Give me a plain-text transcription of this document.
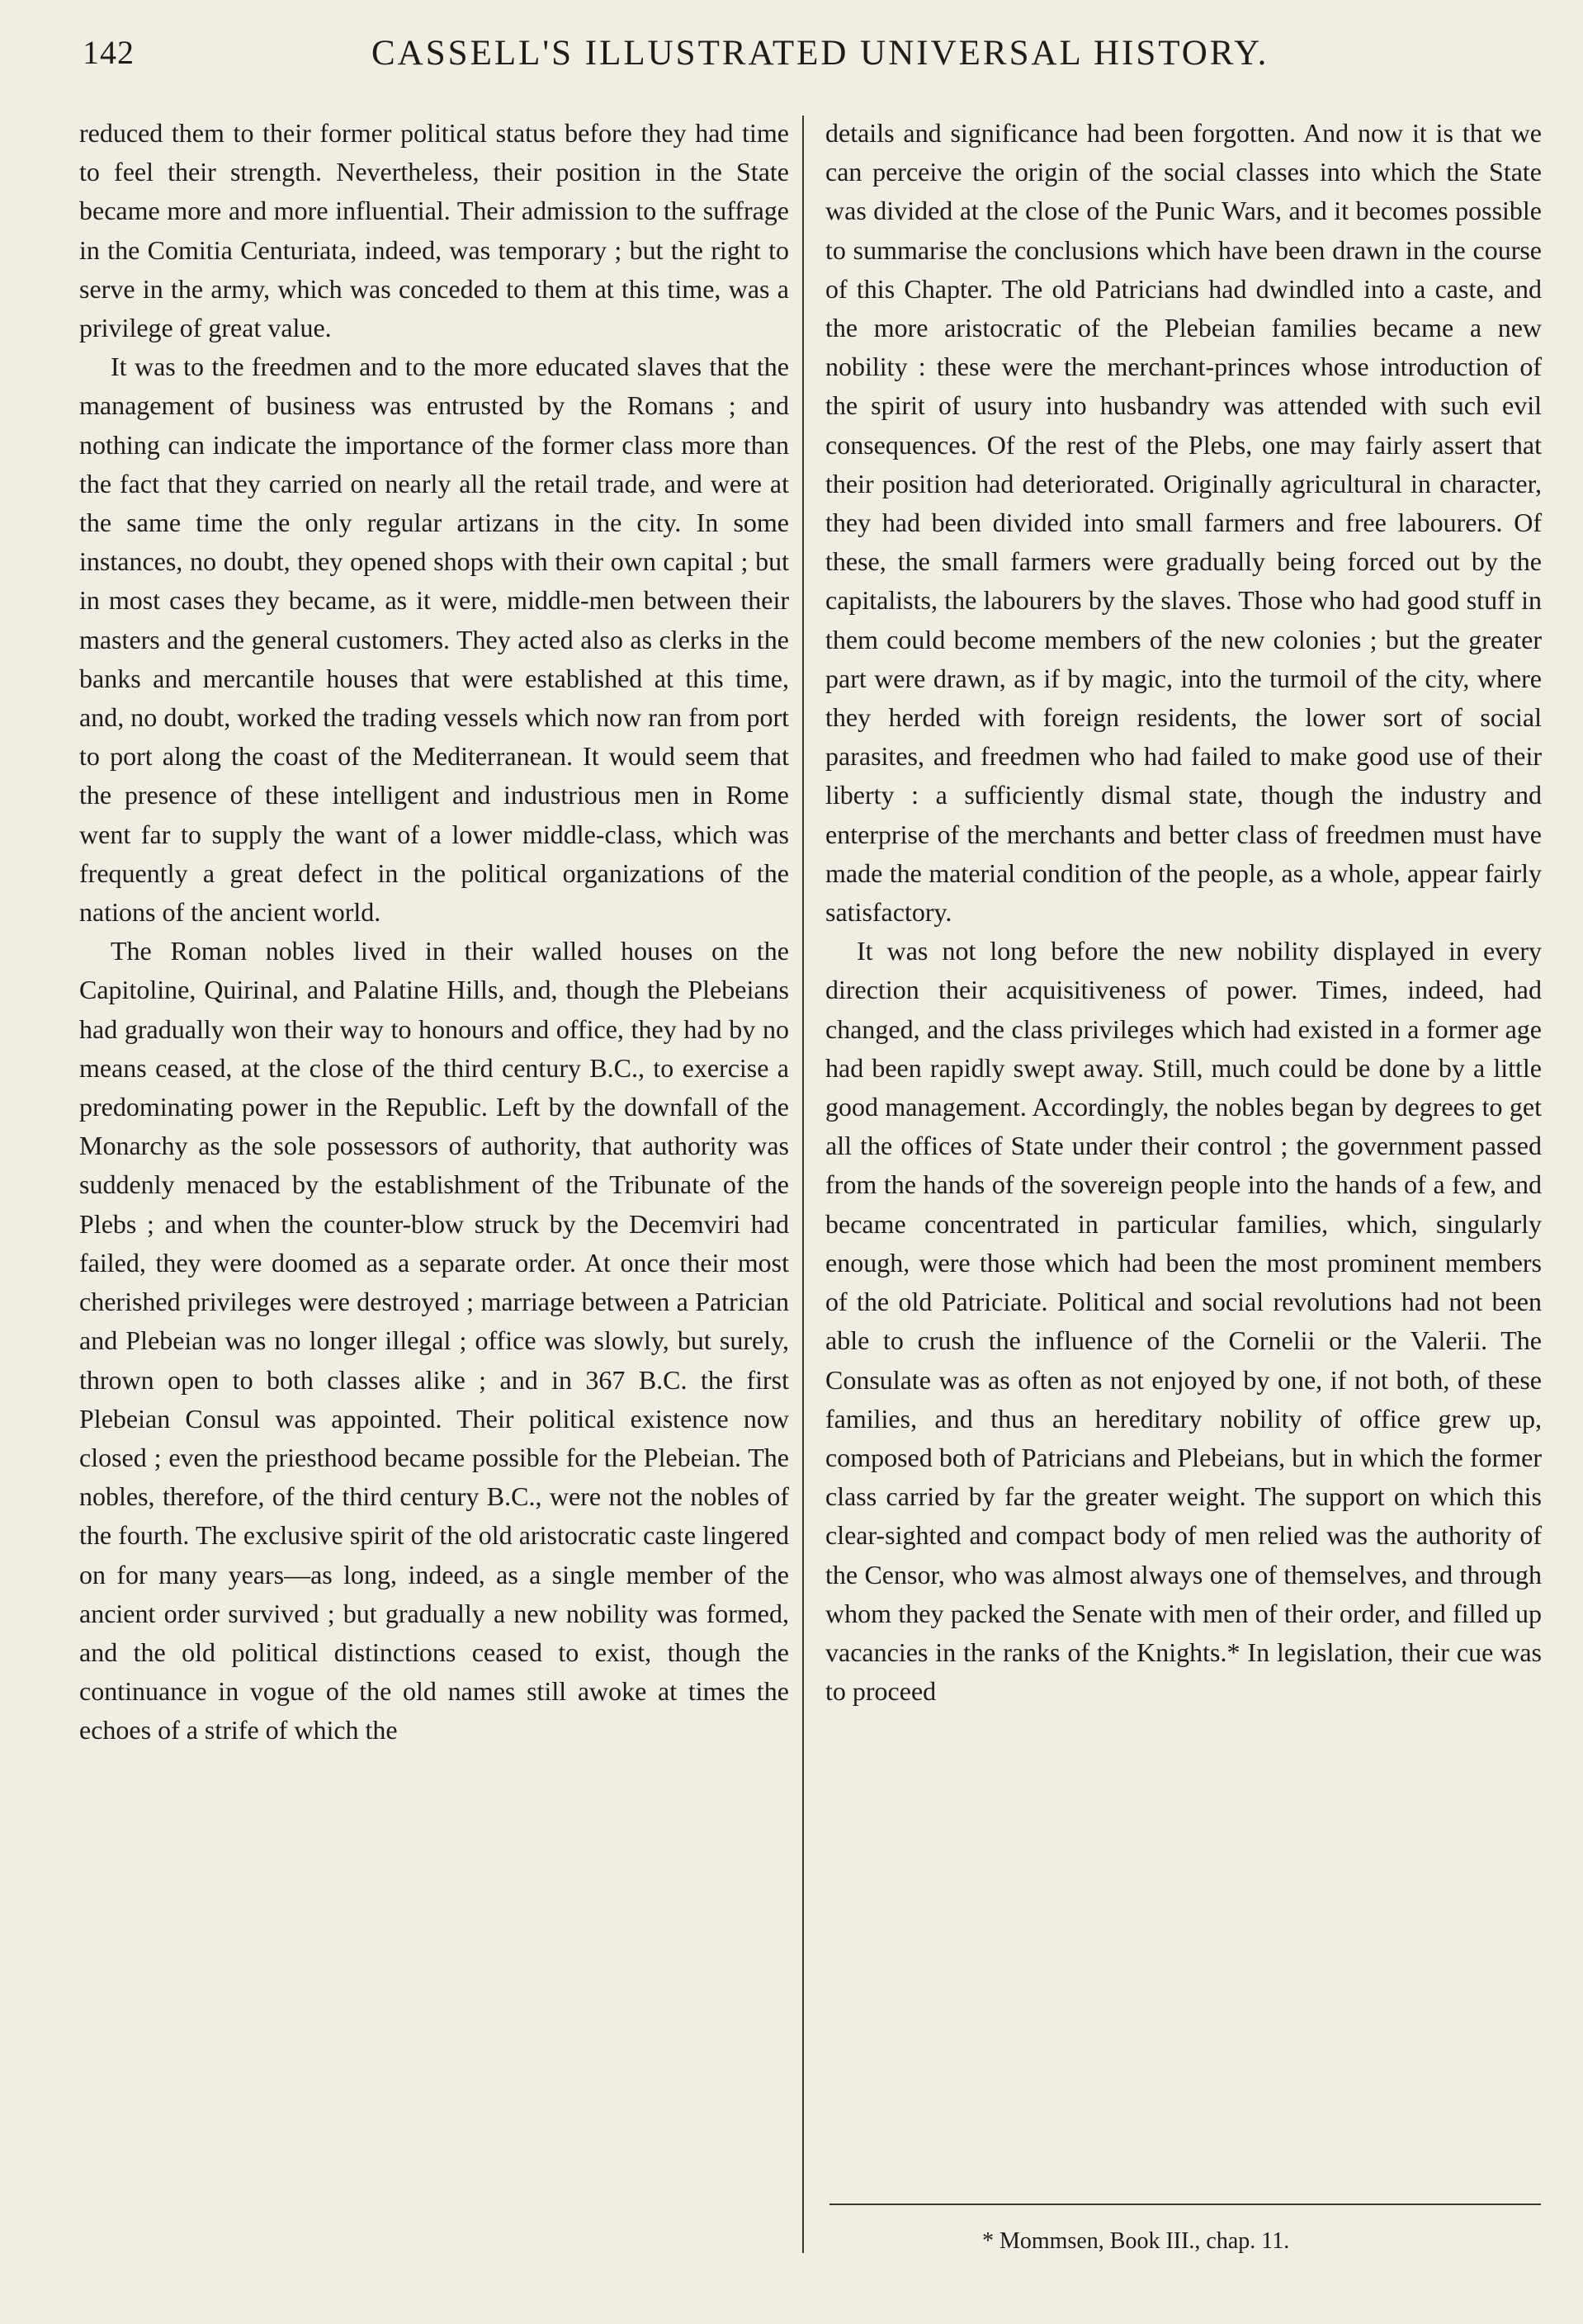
142	CASSELL'S ILLUSTRATED UNIVERSAL HISTORY.

reduced them to their former political status before they had time to feel their strength. Nevertheless, their position in the State became more and more influential. Their admission to the suffrage in the Comitia Centuriata, indeed, was temporary ; but the right to serve in the army, which was conceded to them at this time, was a privilege of great value.

It was to the freedmen and to the more educated slaves that the management of business was entrusted by the Romans ; and nothing can indicate the importance of the former class more than the fact that they carried on nearly all the retail trade, and were at the same time the only regular artizans in the city. In some instances, no doubt, they opened shops with their own capital ; but in most cases they became, as it were, middle-men between their masters and the general customers. They acted also as clerks in the banks and mercantile houses that were established at this time, and, no doubt, worked the trading vessels which now ran from port to port along the coast of the Mediterranean. It would seem that the presence of these intelligent and industrious men in Rome went far to supply the want of a lower middle-class, which was frequently a great defect in the political organizations of the nations of the ancient world.

The Roman nobles lived in their walled houses on the Capitoline, Quirinal, and Palatine Hills, and, though the Plebeians had gradually won their way to honours and office, they had by no means ceased, at the close of the third century B.C., to exercise a predominating power in the Republic. Left by the downfall of the Monarchy as the sole possessors of authority, that authority was suddenly menaced by the establishment of the Tribunate of the Plebs ; and when the counter-blow struck by the Decemviri had failed, they were doomed as a separate order. At once their most cherished privileges were destroyed ; marriage between a Patrician and Plebeian was no longer illegal ; office was slowly, but surely, thrown open to both classes alike ; and in 367 B.C. the first Plebeian Consul was appointed. Their political existence now closed ; even the priesthood became possible for the Plebeian. The nobles, therefore, of the third century B.C., were not the nobles of the fourth. The exclusive spirit of the old aristocratic caste lingered on for many years—as long, indeed, as a single member of the ancient order survived ; but gradually a new nobility was formed, and the old political distinctions ceased to exist, though the continuance in vogue of the old names still awoke at times the echoes of a strife of which the

details and significance had been forgotten. And now it is that we can perceive the origin of the social classes into which the State was divided at the close of the Punic Wars, and it becomes possible to summarise the conclusions which have been drawn in the course of this Chapter. The old Patricians had dwindled into a caste, and the more aristocratic of the Plebeian families became a new nobility : these were the merchant-princes whose introduction of the spirit of usury into husbandry was attended with such evil consequences. Of the rest of the Plebs, one may fairly assert that their position had deteriorated. Originally agricultural in character, they had been divided into small farmers and free labourers. Of these, the small farmers were gradually being forced out by the capitalists, the labourers by the slaves. Those who had good stuff in them could become members of the new colonies ; but the greater part were drawn, as if by magic, into the turmoil of the city, where they herded with foreign residents, the lower sort of social parasites, and freedmen who had failed to make good use of their liberty : a sufficiently dismal state, though the industry and enterprise of the merchants and better class of freedmen must have made the material condition of the people, as a whole, appear fairly satisfactory.

It was not long before the new nobility displayed in every direction their acquisitiveness of power. Times, indeed, had changed, and the class privileges which had existed in a former age had been rapidly swept away. Still, much could be done by a little good management. Accordingly, the nobles began by degrees to get all the offices of State under their control ; the government passed from the hands of the sovereign people into the hands of a few, and became concentrated in particular families, which, singularly enough, were those which had been the most prominent members of the old Patriciate. Political and social revolutions had not been able to crush the influence of the Cornelii or the Valerii. The Consulate was as often as not enjoyed by one, if not both, of these families, and thus an hereditary nobility of office grew up, composed both of Patricians and Plebeians, but in which the former class carried by far the greater weight. The support on which this clear-sighted and compact body of men relied was the authority of the Censor, who was almost always one of themselves, and through whom they packed the Senate with men of their order, and filled up vacancies in the ranks of the Knights.* In legislation, their cue was to proceed

* Mommsen, Book III., chap. 11.
